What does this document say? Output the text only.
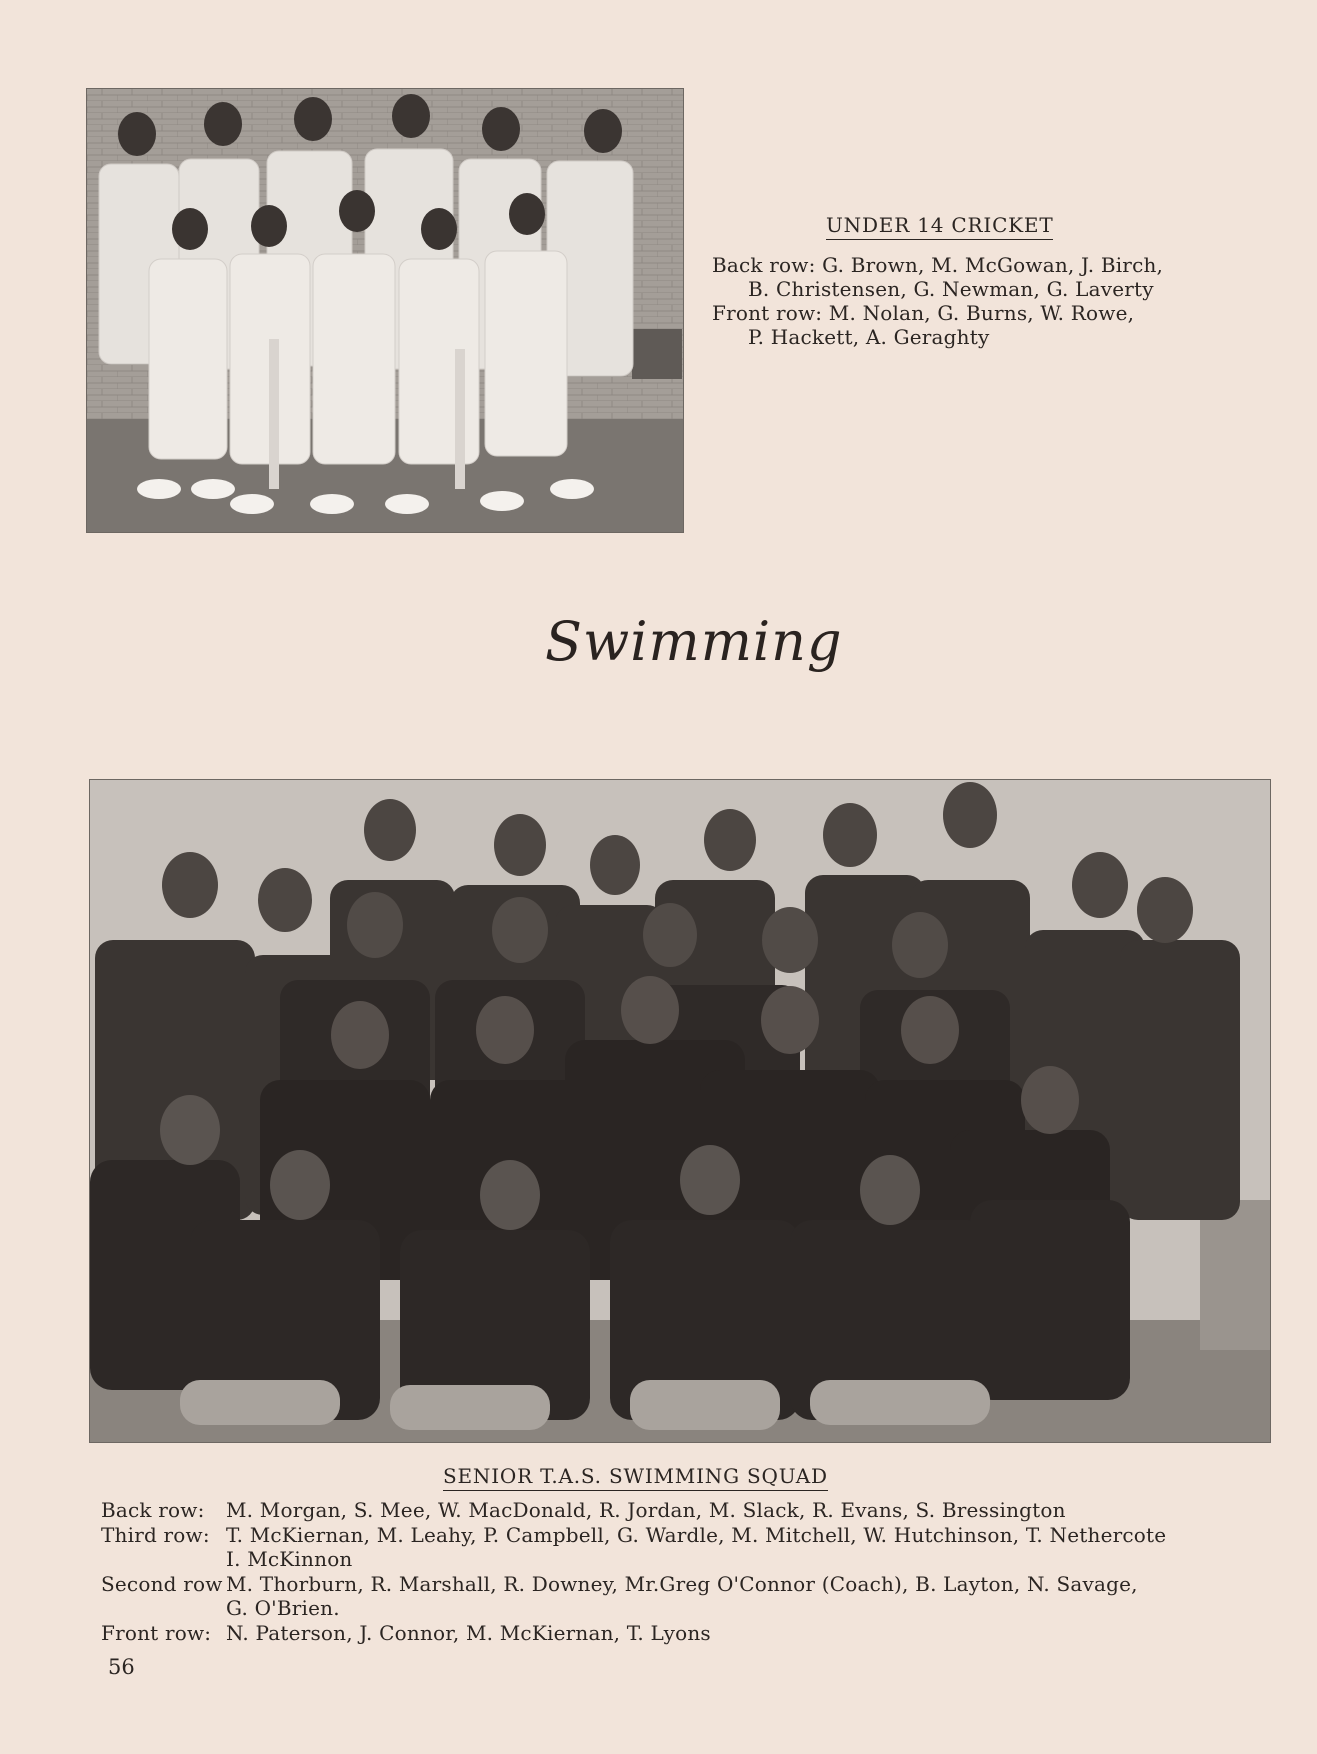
UNDER 14 CRICKET
Back row: G. Brown, M. McGowan, J. Birch,
B. Christensen, G. Newman, G. Laverty
Front row: M. Nolan, G. Burns, W. Rowe,
P. Hackett, A. Geraghty
Swimming
SENIOR T.A.S. SWIMMING SQUAD
Back row:	M. Morgan, S. Mee, W. MacDonald, R. Jordan, M. Slack, R. Evans, S. Bressington
Third row: T. McKiernan, M. Leahy, P. Campbell, G. Wardle, M. Mitchell, W. Hutchinson, T. Nethercote
I. McKinnon
Second row M. Thorburn, R. Marshall, R. Downey, Mr.Greg O'Connor (Coach), B. Layton, N. Savage,
G. O'Brien.
Front row: N. Paterson, J. Connor, M. McKiernan, T. Lyons
56
